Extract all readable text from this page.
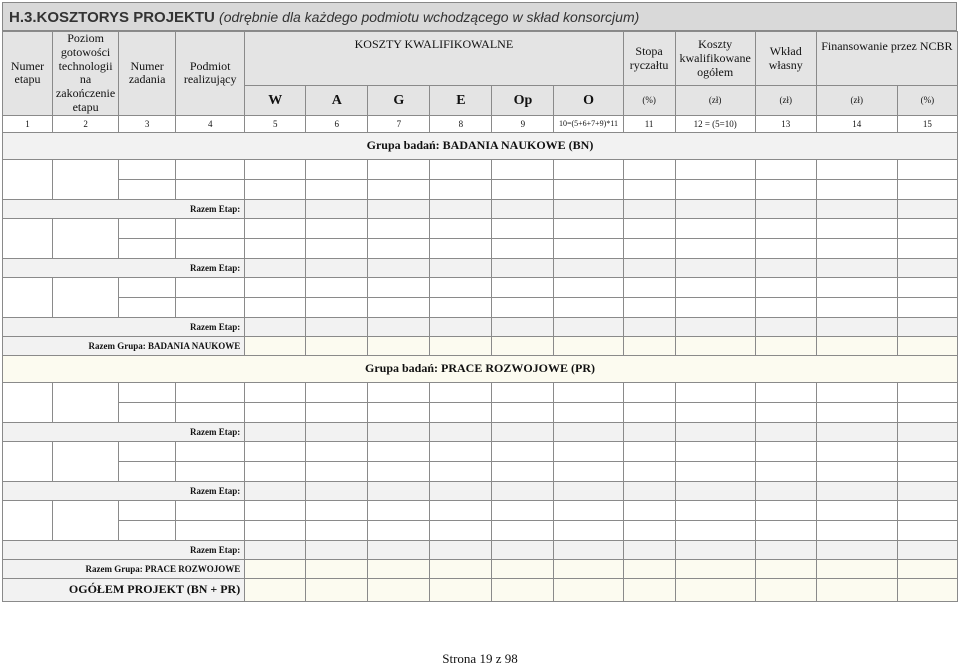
H.3.KOSZTORYS PROJEKTU (odrębnie dla każdego podmiotu wchodzącego w skład konsorcjum)
Numer etapu	Poziom gotowości technologii na zakończenie etapu	Numer zadania	Podmiot realizujący	KOSZTY KWALIFIKOWALNE						Stopa ryczałtu	Koszty kwalifikowane ogółem	Wkład własny	Finansowanie przez NCBR	
				W	A	G	E	Op	O	(%)	(zł)	(zł)	(zł)	(%)
1	2	3	4	5	6	7	8	9	10=(5+6+7+9)*11	11	12 = (5=10)	13	14	15
Grupa badań: BADANIA NAUKOWE (BN)														

Razem Etap:														

Razem Etap:														

Razem Etap:														
Razem Grupa: BADANIA NAUKOWE														
Grupa badań: PRACE ROZWOJOWE (PR)														

Razem Etap:														

Razem Etap:														

Razem Etap:														
Razem Grupa: PRACE ROZWOJOWE														
OGÓŁEM PROJEKT (BN + PR)														
Strona 19 z 98
